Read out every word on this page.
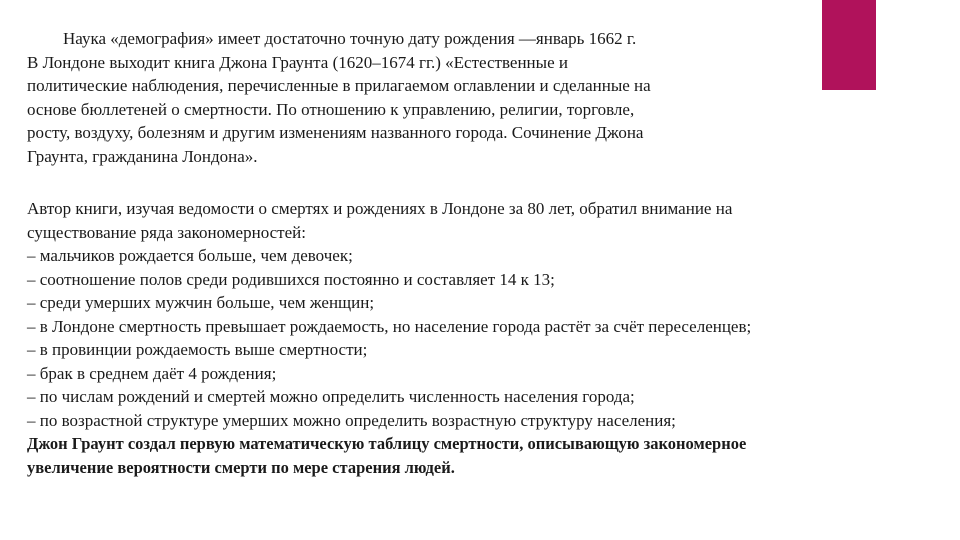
Наука «демография» имеет достаточно точную дату рождения —январь 1662 г.
В Лондоне выходит книга Джона Граунта (1620–1674 гг.) «Естественные и
политические наблюдения, перечисленные в прилагаемом оглавлении и сделанные на
основе бюллетеней о смертности. По отношению к управлению, религии, торговле,
росту, воздуху, болезням и другим изменениям названного города. Сочинение Джона
Граунта, гражданина Лондона».
Автор книги, изучая ведомости о смертях и рождениях в Лондоне за 80 лет, обратил внимание на
существование ряда закономерностей:
– мальчиков рождается больше, чем девочек;
– соотношение полов среди родившихся постоянно и составляет 14 к 13;
– среди умерших мужчин больше, чем женщин;
– в Лондоне смертность превышает рождаемость, но население города растёт за счёт переселенцев;
– в провинции рождаемость выше смертности;
– брак в среднем даёт 4 рождения;
– по числам рождений и смертей можно определить численность населения города;
– по возрастной структуре умерших можно определить возрастную структуру населения;
Джон Граунт создал первую математическую таблицу смертности, описывающую закономерное
увеличение вероятности смерти по мере старения людей.
